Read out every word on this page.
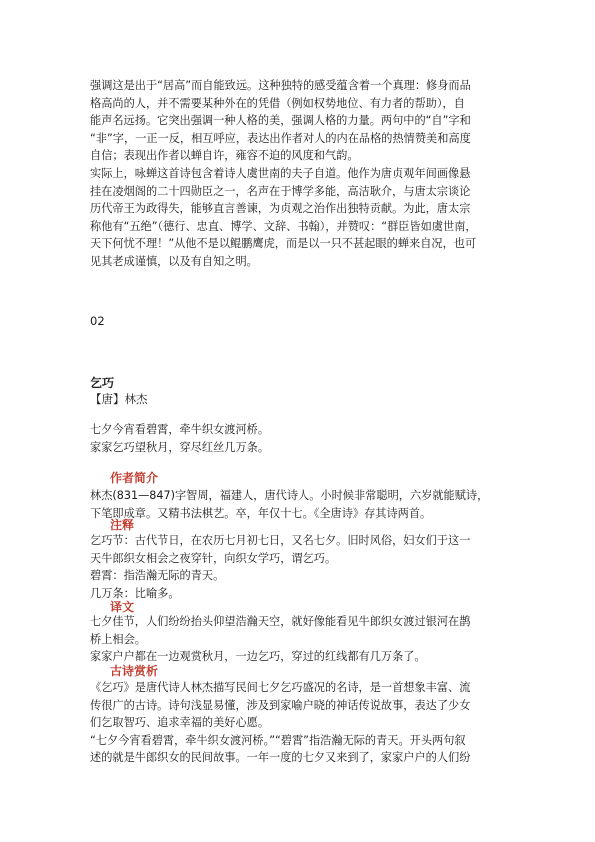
强调这是出于“居高”而自能致远。这种独特的感受蕴含着一个真理：修身而品
格高尚的人，并不需要某种外在的凭借（例如权势地位、有力者的帮助），自
能声名远扬。它突出强调一种人格的美，强调人格的力量。两句中的“自”字和
“非”字，一正一反，相互呼应，表达出作者对人的内在品格的热情赞美和高度
自信；表现出作者以蝉自许，雍容不迫的风度和气韵。
实际上，咏蝉这首诗包含着诗人虞世南的夫子自道。他作为唐贞观年间画像悬
挂在凌烟阁的二十四勋臣之一，名声在于博学多能，高洁耿介，与唐太宗谈论
历代帝王为政得失，能够直言善谏，为贞观之治作出独特贡献。为此，唐太宗
称他有“五绝”（德行、忠直、博学、文辞、书翰），并赞叹：“群臣皆如虞世南，
天下何忧不理！”从他不是以鲲鹏鹰虎，而是以一只不甚起眼的蝉来自况，也可
见其老成谨慎，以及有自知之明。
02
乞巧
【唐】林杰
七夕今宵看碧霄，牵牛织女渡河桥。
家家乞巧望秋月，穿尽红丝几万条。
作者简介
林杰(831—847)字智周，福建人，唐代诗人。小时候非常聪明，六岁就能赋诗，
下笔即成章。又精书法棋艺。卒，年仅十七。《全唐诗》存其诗两首。
注释
乞巧节：古代节日，在农历七月初七日，又名七夕。旧时风俗，妇女们于这一
天牛郎织女相会之夜穿针，向织女学巧，谓乞巧。
碧霄：指浩瀚无际的青天。
几万条：比喻多。
译文
七夕佳节，人们纷纷抬头仰望浩瀚天空，就好像能看见牛郎织女渡过银河在鹊
桥上相会。
家家户户都在一边观赏秋月，一边乞巧，穿过的红线都有几万条了。
古诗赏析
《乞巧》是唐代诗人林杰描写民间七夕乞巧盛况的名诗，是一首想象丰富、流
传很广的古诗。诗句浅显易懂，涉及到家喻户晓的神话传说故事，表达了少女
们乞取智巧、追求幸福的美好心愿。
“七夕今宵看碧霄，牵牛织女渡河桥。”“碧霄”指浩瀚无际的青天。开头两句叙
述的就是牛郎织女的民间故事。一年一度的七夕又来到了，家家户户的人们纷
